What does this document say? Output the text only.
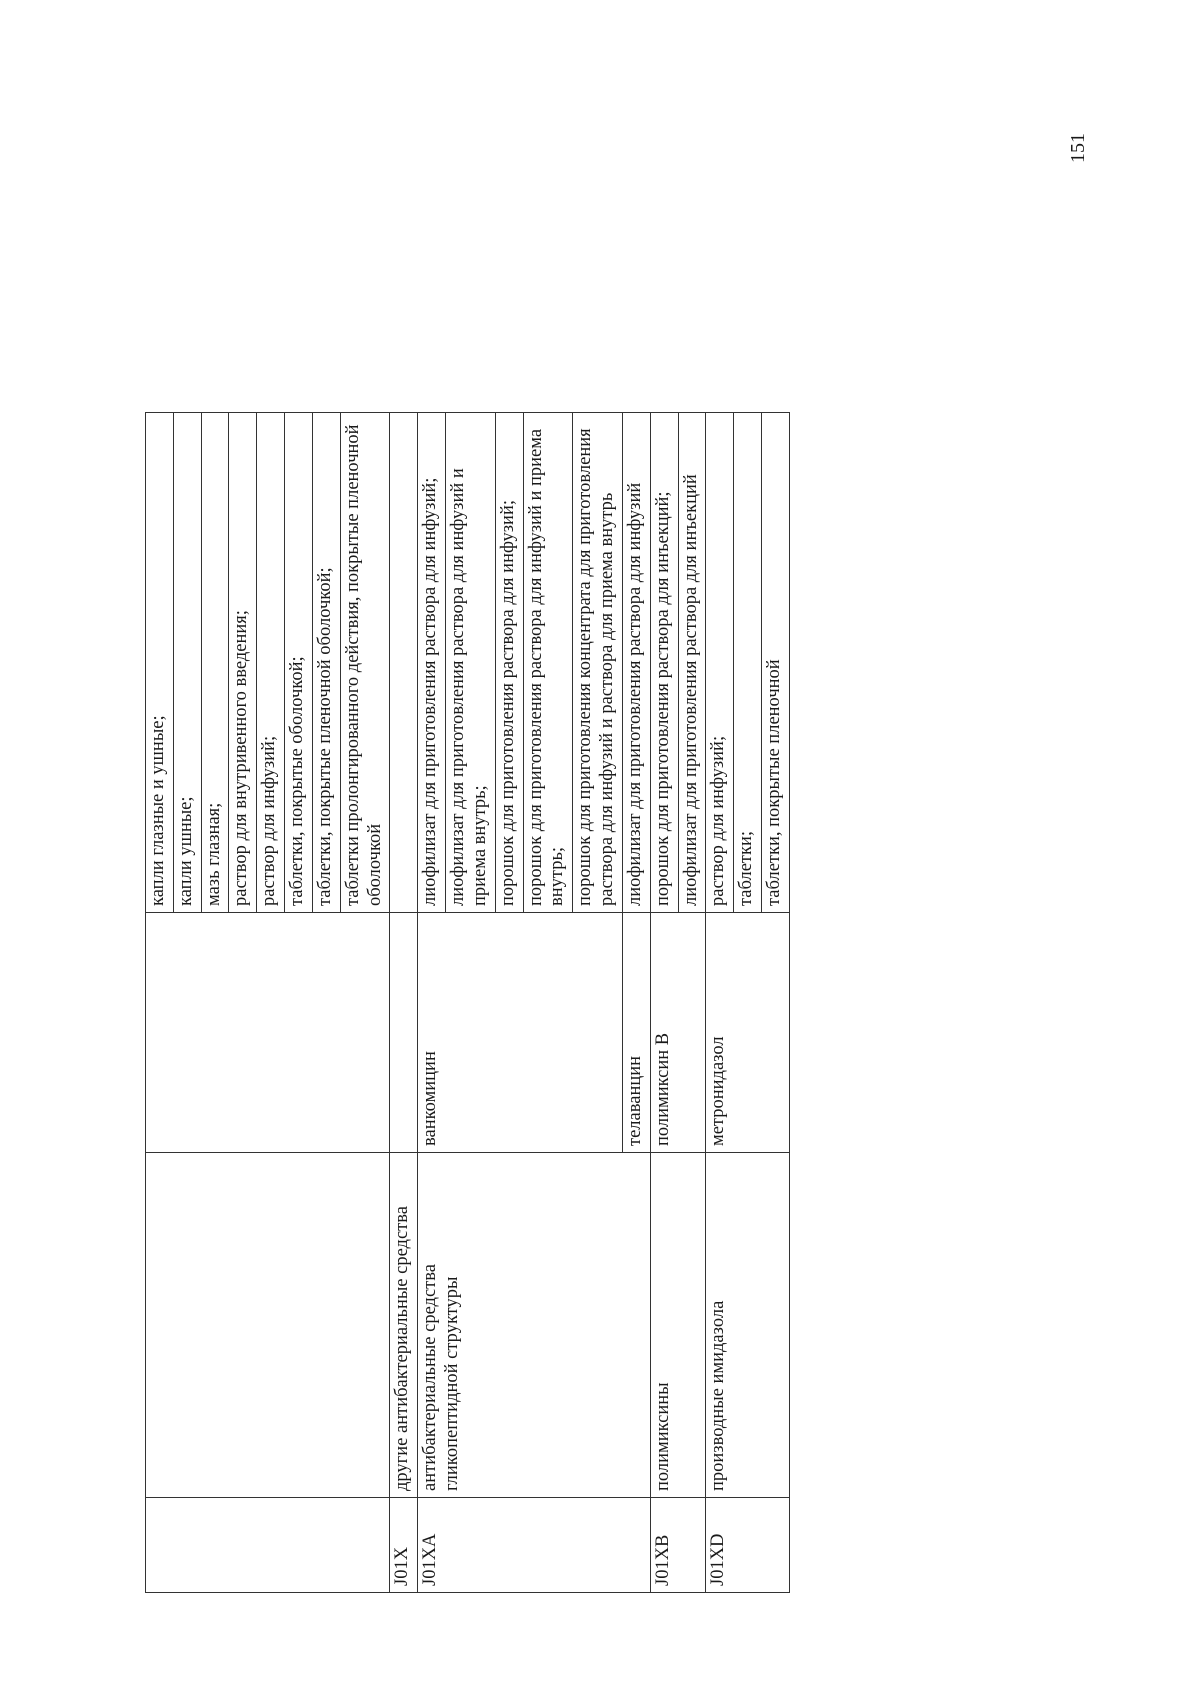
151
			капли глазные и ушные;
			капли ушные;
			мазь глазная;
			раствор для внутривенного введения;
			раствор для инфузий;
			таблетки, покрытые оболочкой;
			таблетки, покрытые пленочной оболочкой;
			таблетки пролонгированного действия, покрытые пленочной оболочкой
J01X	другие антибактериальные средства		
J01XA	антибактериальные средства гликопептидной структуры	ванкомицин	лиофилизат для приготовления раствора для инфузий;
			лиофилизат для приготовления раствора для инфузий и приема внутрь;
			порошок для приготовления раствора для инфузий;
			порошок для приготовления раствора для инфузий и приема внутрь;
			порошок для приготовления концентрата для приготовления раствора для инфузий и раствора для приема внутрь
		телаванцин	лиофилизат для приготовления раствора для инфузий
J01XB	полимиксины	полимиксин B	порошок для приготовления раствора для инъекций;
			лиофилизат для приготовления раствора для инъекций
J01XD	производные имидазола	метронидазол	раствор для инфузий;
			таблетки;
			таблетки, покрытые пленочной
